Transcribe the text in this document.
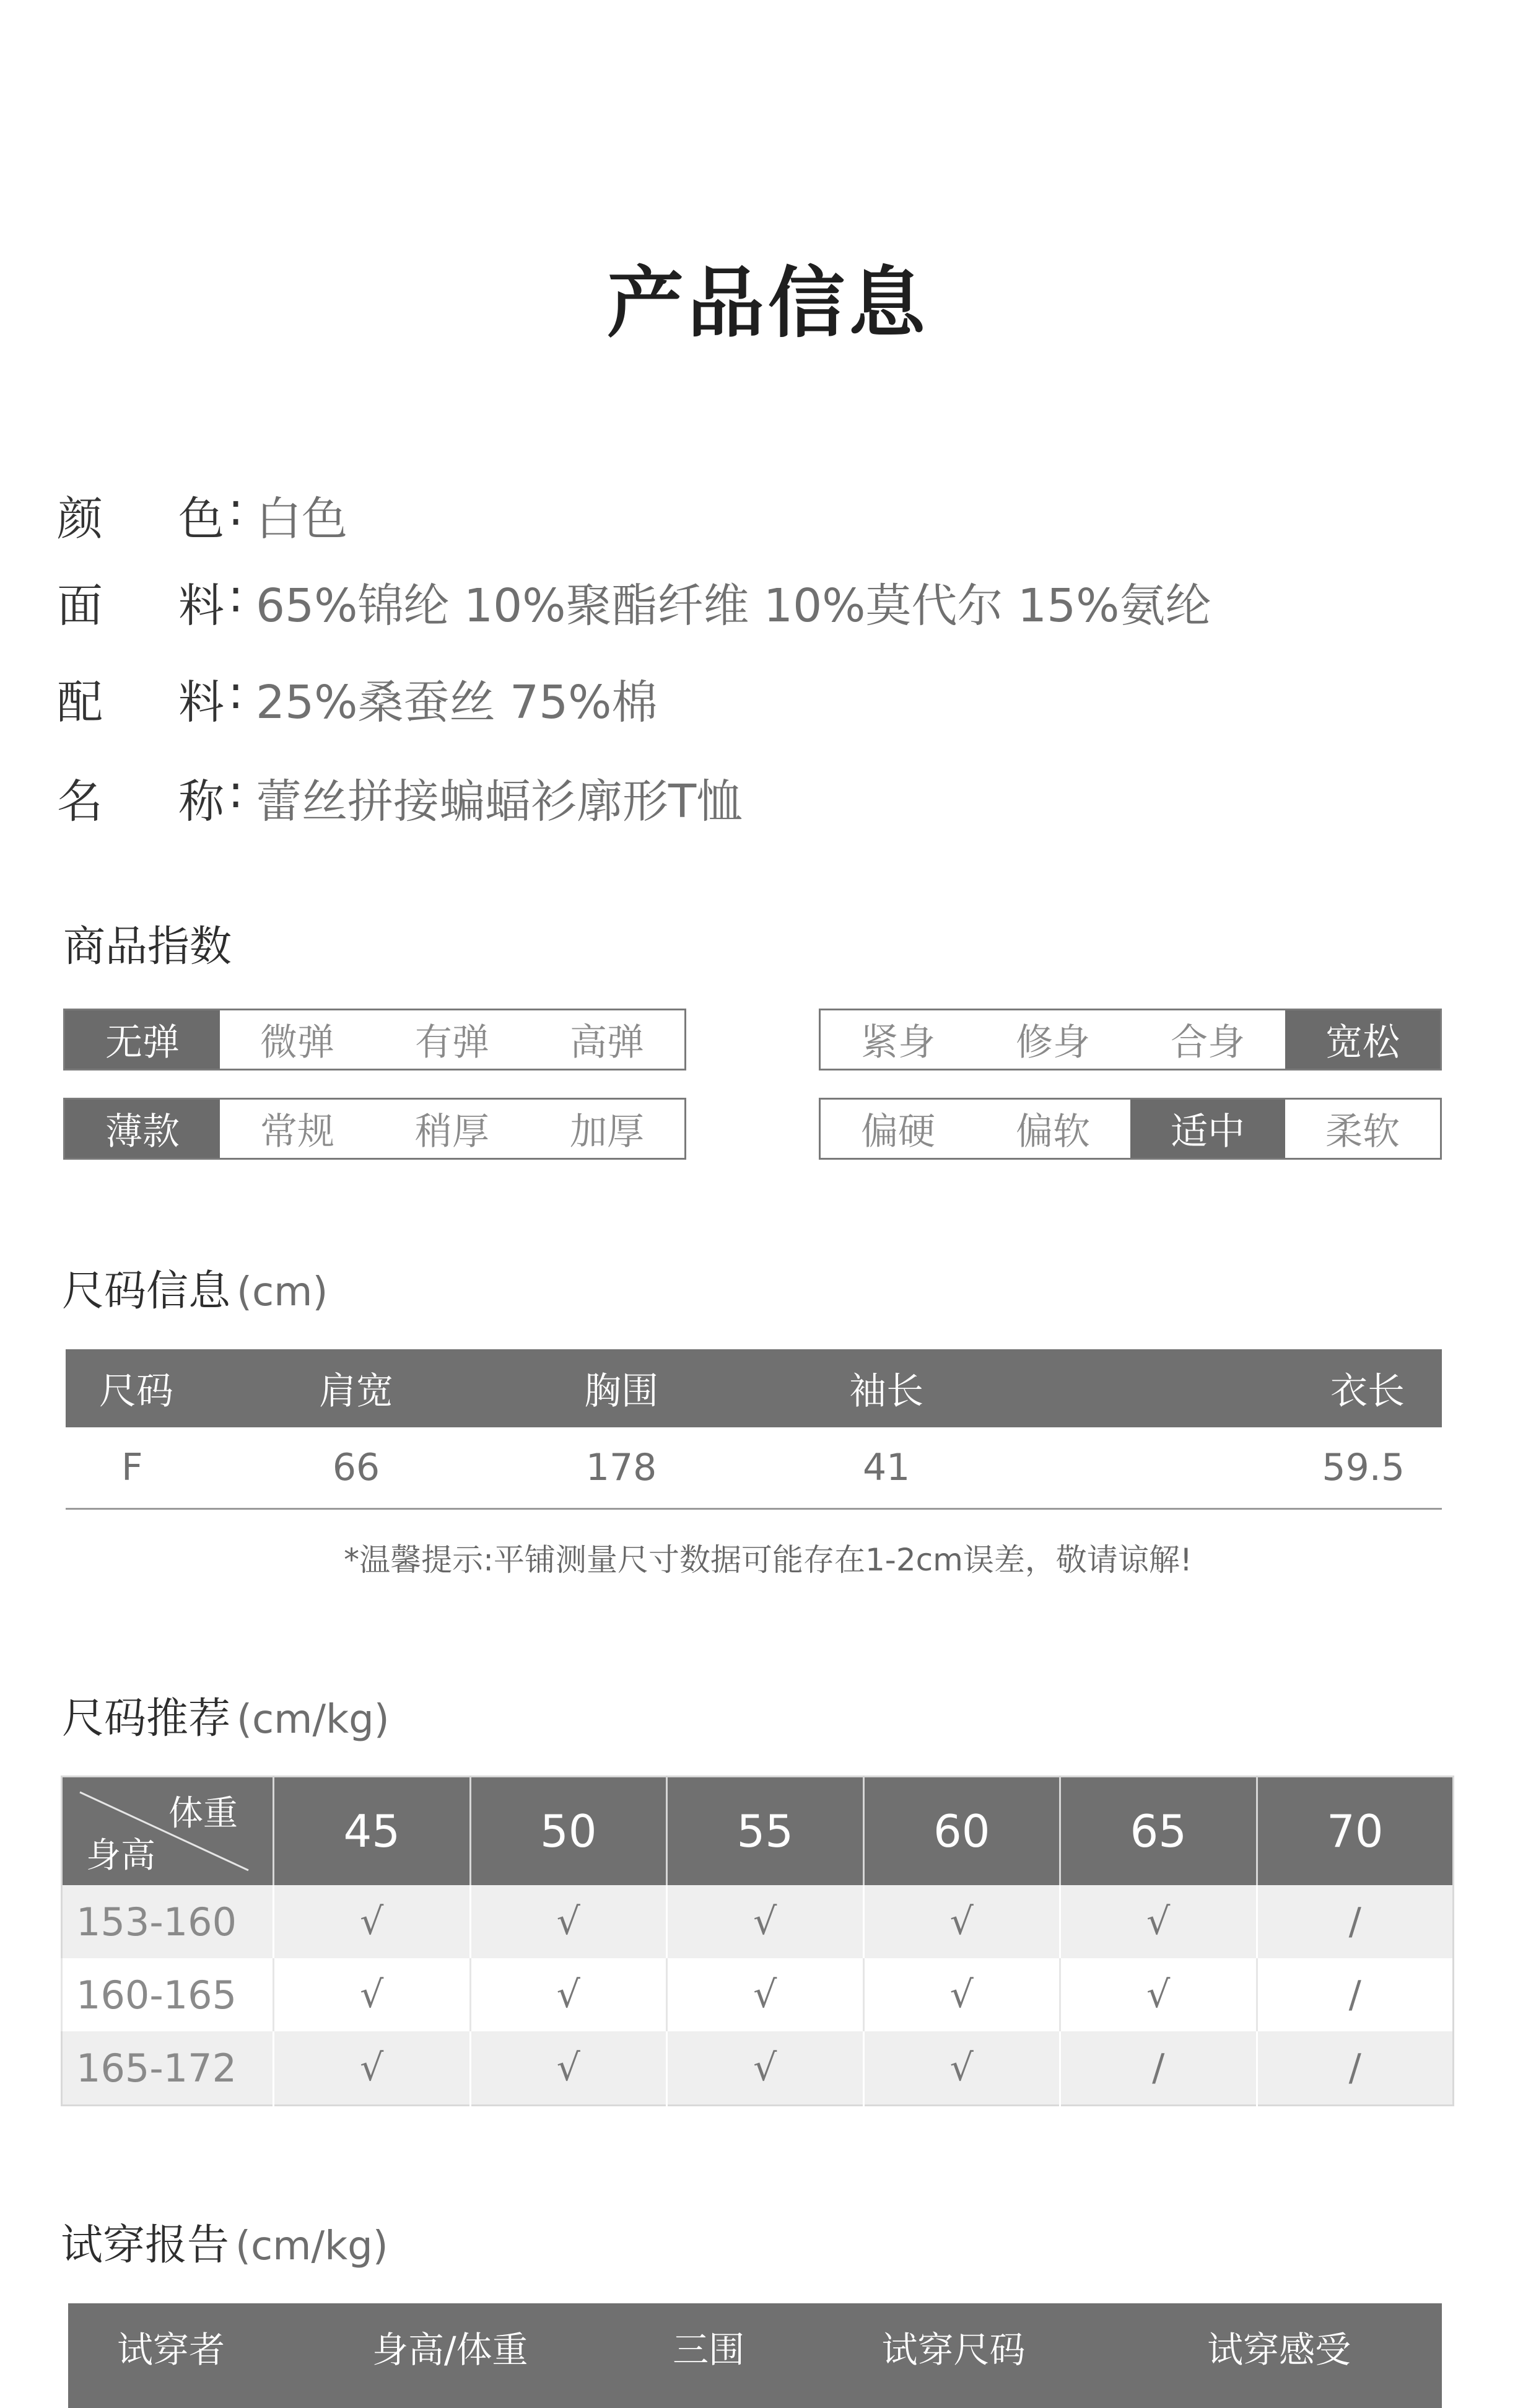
产品信息
颜 色 : 白色
面 料 : 65%锦纶 10%聚酯纤维 10%莫代尔 15%氨纶
配 料 : 25%桑蚕丝 75%棉
名 称 : 蕾丝拼接蝙蝠衫廓形T恤
商品指数
无弹	微弹	有弹	高弹	紧身	修身	合身	宽松
薄款	常规	稍厚	加厚	偏硬	偏软	适中	柔软
尺码信息 (cm)
尺码	肩宽	胸围	袖长	衣长
F	66	178	41	59.5
*温馨提示:平铺测量尺寸数据可能存在1-2cm误差，敬请谅解!
尺码推荐 (cm/kg)
体重
身高	45	50	55	60	65	70
153-160	√	√	√	√	√	/
160-165	√	√	√	√	√	/
165-172	√	√	√	√	/	/
试穿报告 (cm/kg)
试穿者	身高/体重	三围	试穿尺码	试穿感受
